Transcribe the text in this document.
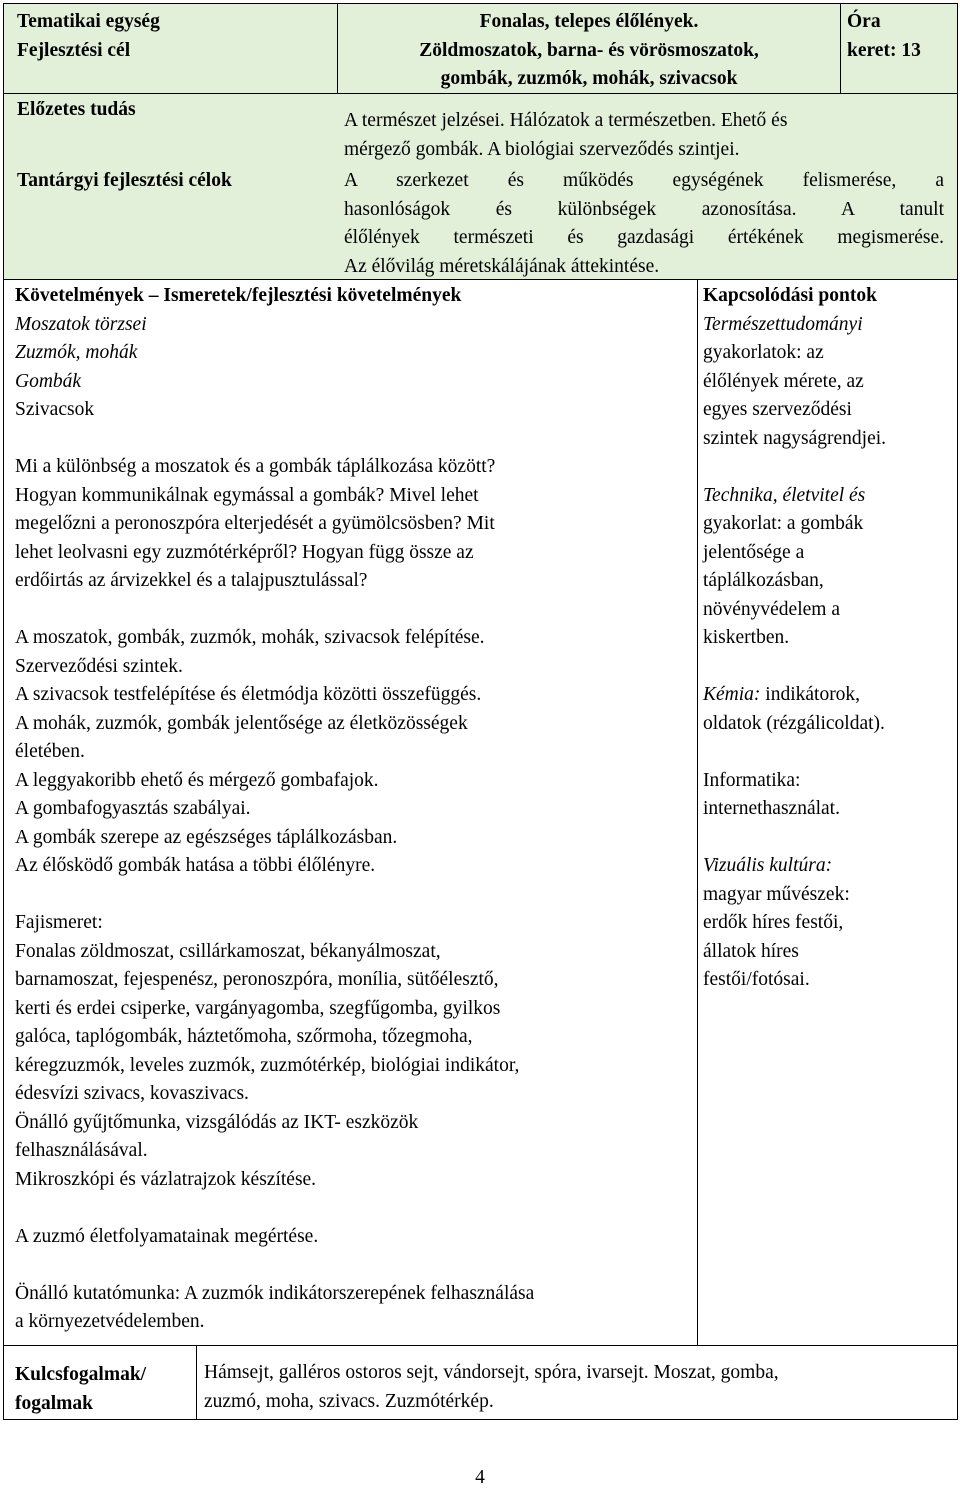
Tematikai egység
Fejlesztési cél
Fonalas, telepes élőlények.
Zöldmoszatok, barna- és vörösmoszatok,
gombák, zuzmók, mohák, szivacsok
Óra
keret: 13
Előzetes tudás
A természet jelzései. Hálózatok a természetben. Ehető és
mérgező gombák. A biológiai szerveződés szintjei.
Tantárgyi fejlesztési célok	A szerkezet és működés egységének felismerése, a
hasonlóságok és különbségek azonosítása. A tanult
élőlények természeti és gazdasági értékének megismerése.
Az élővilág méretskálájának áttekintése.
Követelmények – Ismeretek/fejlesztési követelmények
Moszatok törzsei
Zuzmók, mohák
Gombák
Szivacsok
Mi a különbség a moszatok és a gombák táplálkozása között?
Hogyan kommunikálnak egymással a gombák? Mivel lehet
megelőzni a peronoszpóra elterjedését a gyümölcsösben? Mit
lehet leolvasni egy zuzmótérképről? Hogyan függ össze az
erdőirtás az árvizekkel és a talajpusztulással?
A moszatok, gombák, zuzmók, mohák, szivacsok felépítése.
Szerveződési szintek.
A szivacsok testfelépítése és életmódja közötti összefüggés.
A mohák, zuzmók, gombák jelentősége az életközösségek
életében.
A leggyakoribb ehető és mérgező gombafajok.
A gombafogyasztás szabályai.
A gombák szerepe az egészséges táplálkozásban.
Az élősködő gombák hatása a többi élőlényre.
Fajismeret:
Fonalas zöldmoszat, csillárkamoszat, békanyálmoszat,
barnamoszat, fejespenész, peronoszpóra, monília, sütőélesztő,
kerti és erdei csiperke, vargányagomba, szegfűgomba, gyilkos
galóca, taplógombák, háztetőmoha, szőrmoha, tőzegmoha,
kéregzuzmók, leveles zuzmók, zuzmótérkép, biológiai indikátor,
édesvízi szivacs, kovaszivacs.
Önálló gyűjtőmunka, vizsgálódás az IKT- eszközök
felhasználásával.
Mikroszkópi és vázlatrajzok készítése.
A zuzmó életfolyamatainak megértése.
Önálló kutatómunka: A zuzmók indikátorszerepének felhasználása
a környezetvédelemben.
Kapcsolódási pontok
Természettudományi
gyakorlatok: az
élőlények mérete, az
egyes szerveződési
szintek nagyságrendjei.
Technika, életvitel és
gyakorlat: a gombák
jelentősége a
táplálkozásban,
növényvédelem a
kiskertben.
Kémia: indikátorok,
oldatok (rézgálicoldat).
Informatika:
internethasználat.
Vizuális kultúra:
magyar művészek:
erdők híres festői,
állatok híres
festői/fotósai.
Kulcsfogalmak/
fogalmak
Hámsejt, galléros ostoros sejt, vándorsejt, spóra, ivarsejt. Moszat, gomba,
zuzmó, moha, szivacs. Zuzmótérkép.
4
